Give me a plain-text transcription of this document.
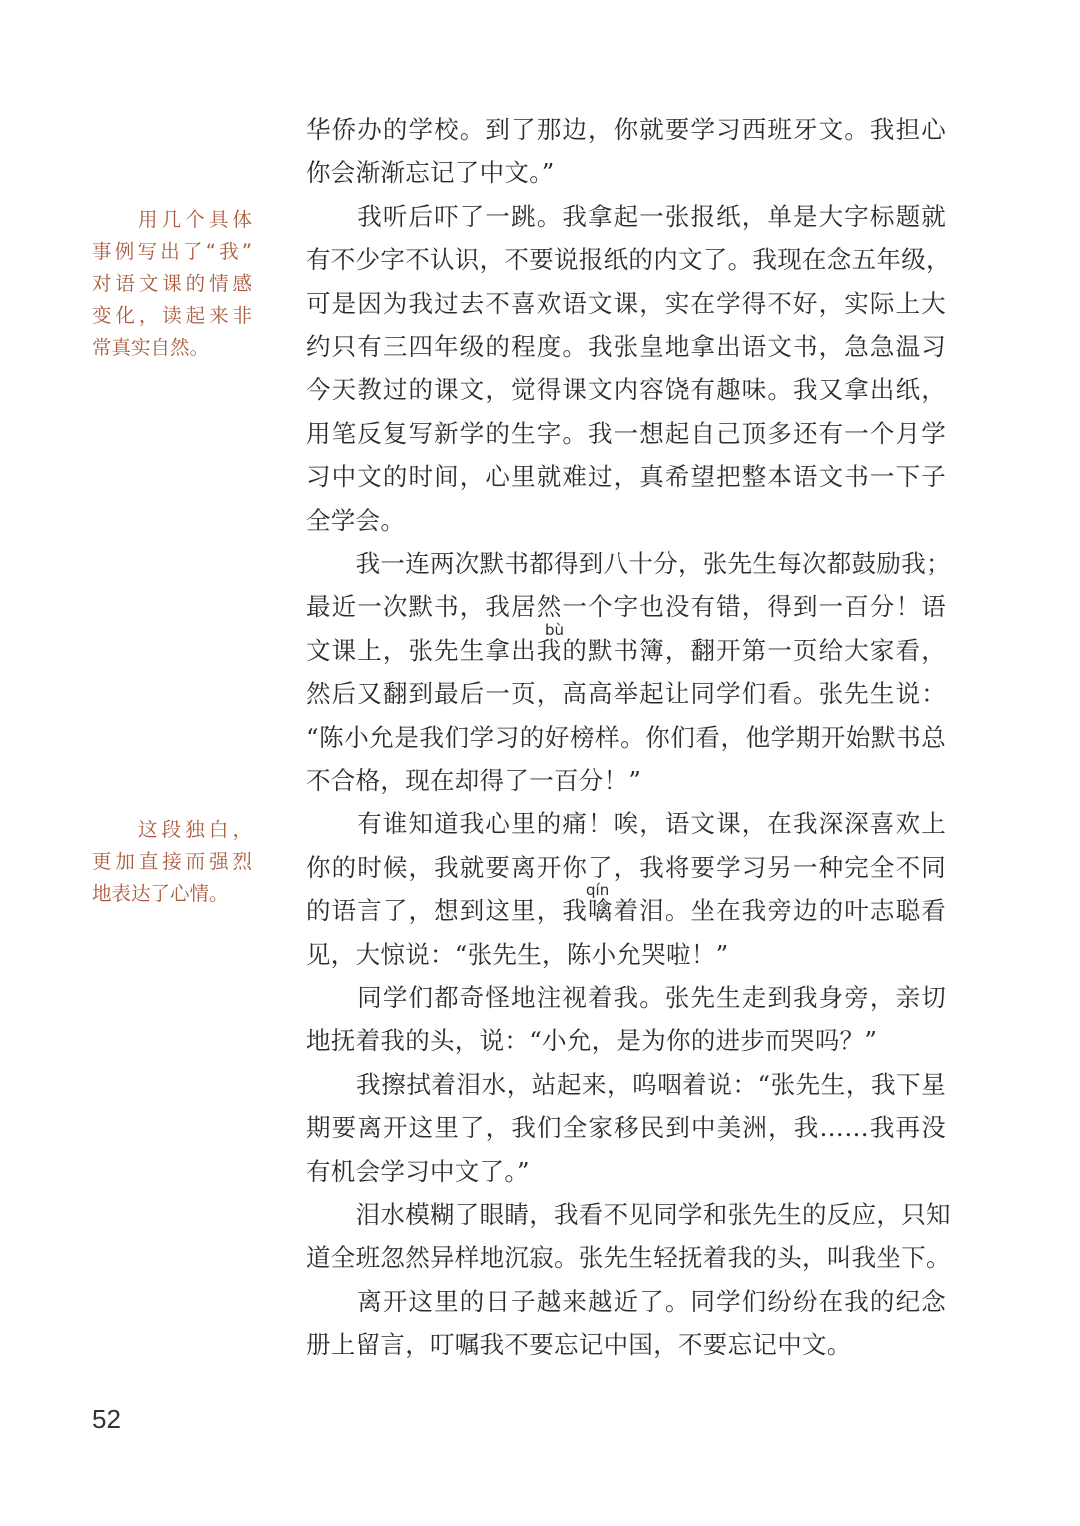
用几个具体
事例写出了“我”
对语文课的情感
变化，读起来非
常真实自然。
这段独白，
更加直接而强烈
地表达了心情。
华侨办的学校。到了那边，你就要学习西班牙文。我担心
你会渐渐忘记了中文。”
　　我听后吓了一跳。我拿起一张报纸，单是大字标题就
有不少字不认识，不要说报纸的内文了。我现在念五年级，
可是因为我过去不喜欢语文课，实在学得不好，实际上大
约只有三四年级的程度。我张皇地拿出语文书，急急温习
今天教过的课文，觉得课文内容饶有趣味。我又拿出纸，
用笔反复写新学的生字。我一想起自己顶多还有一个月学
习中文的时间，心里就难过，真希望把整本语文书一下子
全学会。
　　我一连两次默书都得到八十分，张先生每次都鼓励我；
最近一次默书，我居然一个字也没有错，得到一百分！语
文课上，张先生拿出我的默书簿，翻开第一页给大家看，
然后又翻到最后一页，高高举起让同学们看。张先生说：
“陈小允是我们学习的好榜样。你们看，他学期开始默书总
不合格，现在却得了一百分！”
　　有谁知道我心里的痛！唉，语文课，在我深深喜欢上
你的时候，我就要离开你了，我将要学习另一种完全不同
的语言了，想到这里，我噙着泪。坐在我旁边的叶志聪看
见，大惊说：“张先生，陈小允哭啦！”
　　同学们都奇怪地注视着我。张先生走到我身旁，亲切
地抚着我的头，说：“小允，是为你的进步而哭吗？”
　　我擦拭着泪水，站起来，呜咽着说：“张先生，我下星
期要离开这里了，我们全家移民到中美洲，我……我再没
有机会学习中文了。”
　　泪水模糊了眼睛，我看不见同学和张先生的反应，只知
道全班忽然异样地沉寂。张先生轻抚着我的头，叫我坐下。
　　离开这里的日子越来越近了。同学们纷纷在我的纪念
册上留言，叮嘱我不要忘记中国，不要忘记中文。
bù
qín
52
